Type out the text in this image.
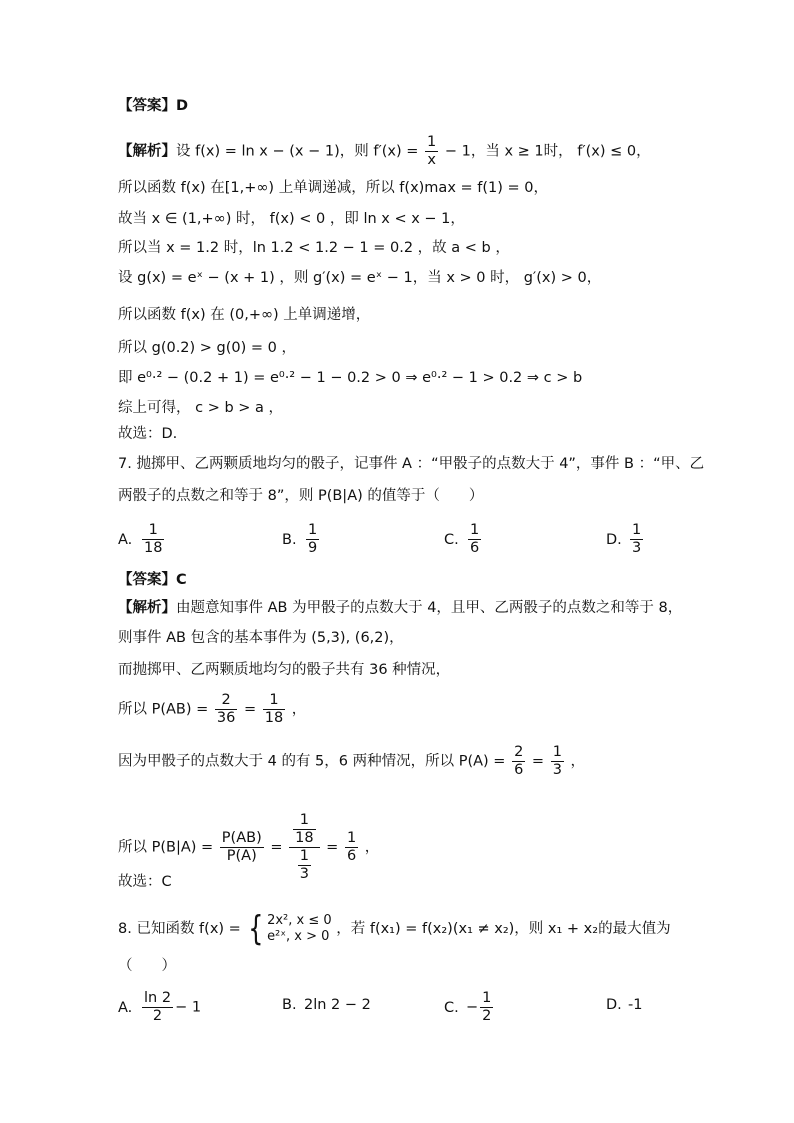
【答案】D
【解析】设 f(x) = ln x − (x − 1)，则 $f'(x) = \frac{1}{x} - 1$，当 x ≥ 1时， f′(x) ≤ 0，
所以函数 f(x) 在[1,+∞) 上单调递减，所以 f(x)max = f(1) = 0，
故当 x ∈ (1,+∞) 时， f(x) < 0 ，即 ln x < x − 1，
所以当 x = 1.2 时，ln 1.2 < 1.2 − 1 = 0.2 ，故 a < b ，
设 g(x) = eˣ − (x + 1) ，则 g′(x) = eˣ − 1，当 x > 0 时， g′(x) > 0，
所以函数 f(x) 在 (0,+∞) 上单调递增，
所以 g(0.2) > g(0) = 0 ，
即 e⁰·² − (0.2 + 1) = e⁰·² − 1 − 0.2 > 0 ⇒ e⁰·² − 1 > 0.2 ⇒ c > b
综上可得， c > b > a ，
故选：D.
7. 抛掷甲、乙两颗质地均匀的骰子，记事件 A ：“甲骰子的点数大于 4”，事件 B ：“甲、乙
两骰子的点数之和等于 8”，则 P(B|A) 的值等于（　　）
A. $\frac{1}{18}$	B. $\frac{1}{9}$	C. $\frac{1}{6}$	D. $\frac{1}{3}$
【答案】C
【解析】由题意知事件 AB 为甲骰子的点数大于 4，且甲、乙两骰子的点数之和等于 8，
则事件 AB 包含的基本事件为 (5,3), (6,2)，
而抛掷甲、乙两颗质地均匀的骰子共有 36 种情况，
所以 $P(AB) = \frac{2}{36} = \frac{1}{18}$ ，
因为甲骰子的点数大于 4 的有 5，6 两种情况，所以 $P(A) = \frac{2}{6} = \frac{1}{3}$ ，
所以 $P(B|A) = \frac{P(AB)}{P(A)} = \frac{\frac{1}{18}}{\frac{1}{3}} = \frac{1}{6}$ ，
故选：C
8. 已知函数 f(x) = { 2x², x ≤ 0
e²ˣ, x > 0 ，若 f(x₁) = f(x₂)(x₁ ≠ x₂)，则 x₁ + x₂的最大值为
（　　）
A. $\frac{\ln 2}{2} - 1$	B. 2ln 2 − 2	C. − $\frac{1}{2}$	D. -1
